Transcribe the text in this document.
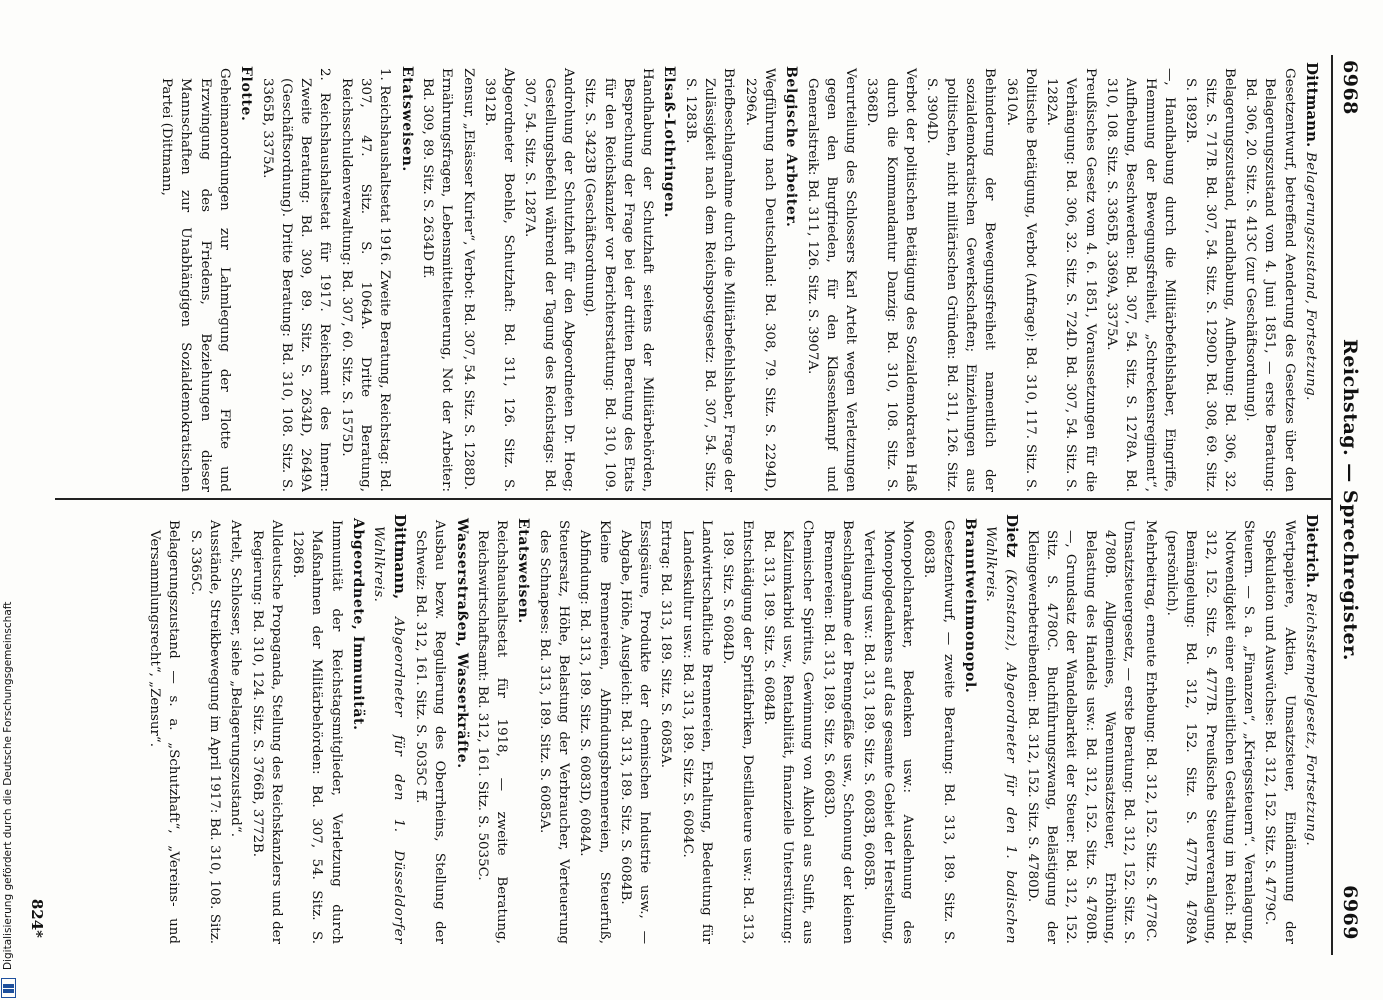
6968
Reichstag. — Sprechregister.
6969
Dittmann. Belagerungszustand, Fortsetzung.
Gesetzentwurf, betreffend Aenderung des Gesetzes über den Belagerungszustand vom 4. Juni 1851, — erste Beratung: Bd. 306, 20. Sitz. S. 413C (zur Geschäftsordnung).
Belagerungszustand, Handhabung, Aufhebung: Bd. 306, 32. Sitz. S. 717B. Bd. 307, 54. Sitz. S. 1290D. Bd. 308, 69. Sitz. S. 1892B.
—, Handhabung durch die Militärbefehlshaber, Eingriffe, Hemmung der Bewegungsfreiheit, „Schreckensregiment“, Aufhebung, Beschwerden: Bd. 307, 54. Sitz. S. 1278A. Bd. 310, 108. Sitz. S. 3365B, 3369A, 3375A.
Preußisches Gesetz vom 4. 6. 1851, Voraussetzungen für die Verhängung: Bd. 306, 32. Sitz. S. 724D. Bd. 307, 54. Sitz. S. 1282A.
Politische Betätigung, Verbot (Anfrage): Bd. 310, 117. Sitz. S. 3610A.
Behinderung der Bewegungsfreiheit namentlich der sozialdemokratischen Gewerkschaften; Einziehungen aus politischen, nicht militärischen Gründen: Bd. 311, 126. Sitz. S. 3904D.
Verbot der politischen Betätigung des Sozialdemokraten Haß durch die Kommandantur Danzig: Bd. 310, 108. Sitz. S. 3368D.
Verurteilung des Schlossers Karl Artelt wegen Verletzungen gegen den Burgfrieden, für den Klassenkampf und Generalstreik: Bd. 311, 126. Sitz. S. 3907A.
Belgische Arbeiter.
Wegführung nach Deutschland: Bd. 308, 79. Sitz. S. 2294D, 2296A.
Briefbeschlagnahme durch die Militärbefehlshaber, Frage der Zulässigkeit nach dem Reichspostgesetz: Bd. 307, 54. Sitz. S. 1283B.
Elsaß-Lothringen.
Handhabung der Schutzhaft seitens der Militärbehörden, Besprechung der Frage bei der dritten Beratung des Etats für den Reichskanzler vor Berichterstattung: Bd. 310, 109. Sitz. S. 3423B (Geschäftsordnung).
Androhung der Schutzhaft für den Abgeordneten Dr. Hoeg; Gestellungsbefehl während der Tagung des Reichstags: Bd. 307, 54. Sitz. S. 1287A.
Abgeordneter Boehle, Schutzhaft: Bd. 311, 126. Sitz. S. 3912B.
Zensur, „Elsässer Kurier“, Verbot: Bd. 307, 54. Sitz. S. 1288D.
Ernährungsfragen, Lebensmittelteuerung, Not der Arbeiter: Bd. 309, 89. Sitz. S. 2634D ff.
Etatsweisen.
1. Reichshaushaltsetat 1916. Zweite Beratung, Reichstag: Bd. 307, 47. Sitz. S. 1064A. Dritte Beratung, Reichsschuldenverwaltung: Bd. 307, 60. Sitz. S. 1575D.
2. Reichshaushaltsetat für 1917. Reichsamt des Innern: Zweite Beratung: Bd. 309, 89. Sitz. S. 2634D, 2649A (Geschäftsordnung). Dritte Beratung: Bd. 310, 108. Sitz. S. 3365B, 3375A.
Flotte.
Geheimanordnungen zur Lahmlegung der Flotte und Erzwingung des Friedens, Beziehungen dieser Mannschaften zur Unabhängigen Sozialdemokratischen Partei (Dittmann,
Dietrich. Reichsstempelgesetz, Fortsetzung.
Wertpapiere, Aktien, Umsatzsteuer, Eindämmung der Spekulation und Auswüchse: Bd. 312, 152. Sitz. S. 4779C.
Steuern. — S. a. „Finanzen“, „Kriegssteuern“. Veranlagung, Notwendigkeit einer einheitlichen Gestaltung im Reich: Bd. 312, 152. Sitz. S. 4777B. Preußische Steuerveranlagung, Bemängelung: Bd. 312, 152. Sitz. S. 4777B, 4789A (persönlich).
Mehrbeitrag, erneute Erhebung: Bd. 312, 152. Sitz. S. 4778C.
Umsatzsteuergesetz, — erste Beratung: Bd. 312, 152. Sitz. S. 4780B. Allgemeines, Warenumsatzsteuer, Erhöhung, Belastung des Handels usw.: Bd. 312, 152. Sitz. S. 4780B. —, Grundsatz der Wandelbarkeit der Steuer: Bd. 312, 152. Sitz. S. 4780C. Buchführungszwang, Belästigung der Kleingewerbetreibenden: Bd. 312, 152. Sitz. S. 4780D.
Dietz (Konstanz), Abgeordneter für den 1. badischen Wahlkreis.
Branntweinmonopol.
Gesetzentwurf, — zweite Beratung: Bd. 313, 189. Sitz. S. 6083B.
Monopolcharakter, Bedenken usw.: Ausdehnung des Monopolgedankens auf das gesamte Gebiet der Herstellung, Verteilung usw.: Bd. 313, 189. Sitz. S. 6083B, 6085B.
Beschlagnahme der Brenngefäße usw., Schonung der kleinen Brennereien: Bd. 313, 189. Sitz. S. 6083D.
Chemischer Spiritus, Gewinnung von Alkohol aus Sulfit, aus Kalziumkarbid usw., Rentabilität, finanzielle Unterstützung: Bd. 313, 189. Sitz. S. 6084B.
Entschädigung der Spritfabriken, Destillateure usw.: Bd. 313, 189. Sitz. S. 6084D.
Landwirtschaftliche Brennereien, Erhaltung, Bedeutung für Landeskultur usw.: Bd. 313, 189. Sitz. S. 6084C.
Ertrag: Bd. 313, 189. Sitz. S. 6085A.
Essigsäure, Produkte der chemischen Industrie usw., — Abgabe, Höhe, Ausgleich: Bd. 313, 189. Sitz. S. 6084B.
Kleine Brennereien, Abfindungsbrennereien, Steuerfuß, Abfindung: Bd. 313, 189. Sitz. S. 6083D, 6084A.
Steuersatz, Höhe, Belastung der Verbraucher, Verteuerung des Schnapses: Bd. 313, 189. Sitz. S. 6085A.
Etatsweisen.
Reichshaushaltsetat für 1918, — zweite Beratung, Reichswirtschaftsamt: Bd. 312, 161. Sitz. S. 5035C.
Wasserstraßen, Wasserkräfte.
Ausbau bezw. Regulierung des Oberrheins, Stellung der Schweiz: Bd. 312, 161. Sitz. S. 5035C ff.
Dittmann, Abgeordneter für den 1. Düsseldorfer Wahlkreis.
Abgeordnete, Immunität.
Immunität der Reichstagsmitglieder, Verletzung durch Maßnahmen der Militärbehörden: Bd. 307, 54. Sitz. S. 1286B.
Alldeutsche Propaganda, Stellung des Reichskanzlers und der Regierung: Bd. 310, 124. Sitz. S. 3766B, 3772B.
Artelt, Schlosser, siehe „Belagerungszustand“.
Ausstände, Streikbewegung im April 1917: Bd. 310, 108. Sitz. S. 3365C.
Belagerungszustand — s. a. „Schutzhaft“, „Vereins- und Versammlungsrecht“, „Zensur“.
824*
Digitalisierung gefördert durch die Deutsche Forschungsgemeinschaft
